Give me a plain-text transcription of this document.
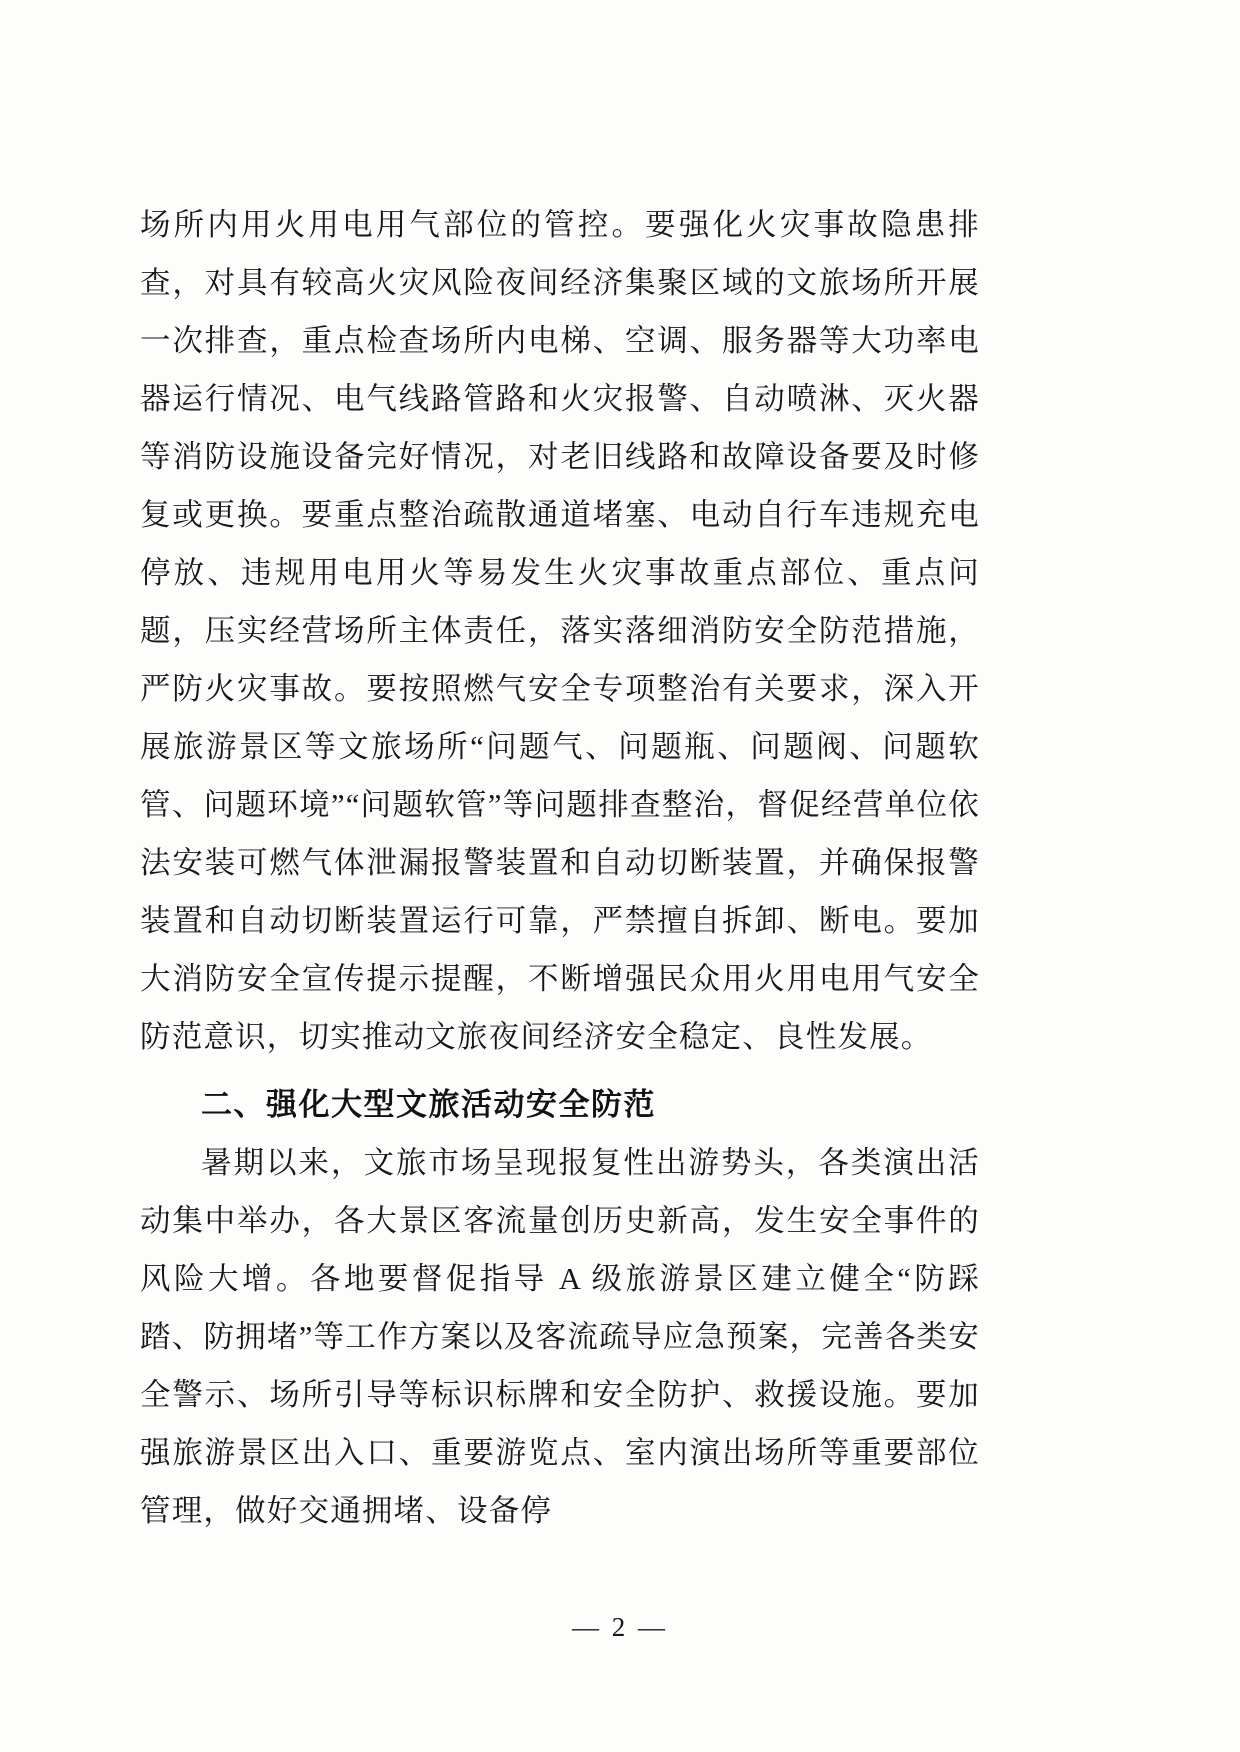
场所内用火用电用气部位的管控。要强化火灾事故隐患排查，对具有较高火灾风险夜间经济集聚区域的文旅场所开展一次排查，重点检查场所内电梯、空调、服务器等大功率电器运行情况、电气线路管路和火灾报警、自动喷淋、灭火器等消防设施设备完好情况，对老旧线路和故障设备要及时修复或更换。要重点整治疏散通道堵塞、电动自行车违规充电停放、违规用电用火等易发生火灾事故重点部位、重点问题，压实经营场所主体责任，落实落细消防安全防范措施，严防火灾事故。要按照燃气安全专项整治有关要求，深入开展旅游景区等文旅场所“问题气、问题瓶、问题阀、问题软管、问题环境”“问题软管”等问题排查整治，督促经营单位依法安装可燃气体泄漏报警装置和自动切断装置，并确保报警装置和自动切断装置运行可靠，严禁擅自拆卸、断电。要加大消防安全宣传提示提醒，不断增强民众用火用电用气安全防范意识，切实推动文旅夜间经济安全稳定、良性发展。

二、强化大型文旅活动安全防范

暑期以来，文旅市场呈现报复性出游势头，各类演出活动集中举办，各大景区客流量创历史新高，发生安全事件的风险大增。各地要督促指导 A 级旅游景区建立健全“防踩踏、防拥堵”等工作方案以及客流疏导应急预案，完善各类安全警示、场所引导等标识标牌和安全防护、救援设施。要加强旅游景区出入口、重要游览点、室内演出场所等重要部位管理，做好交通拥堵、设备停

— 2 —
